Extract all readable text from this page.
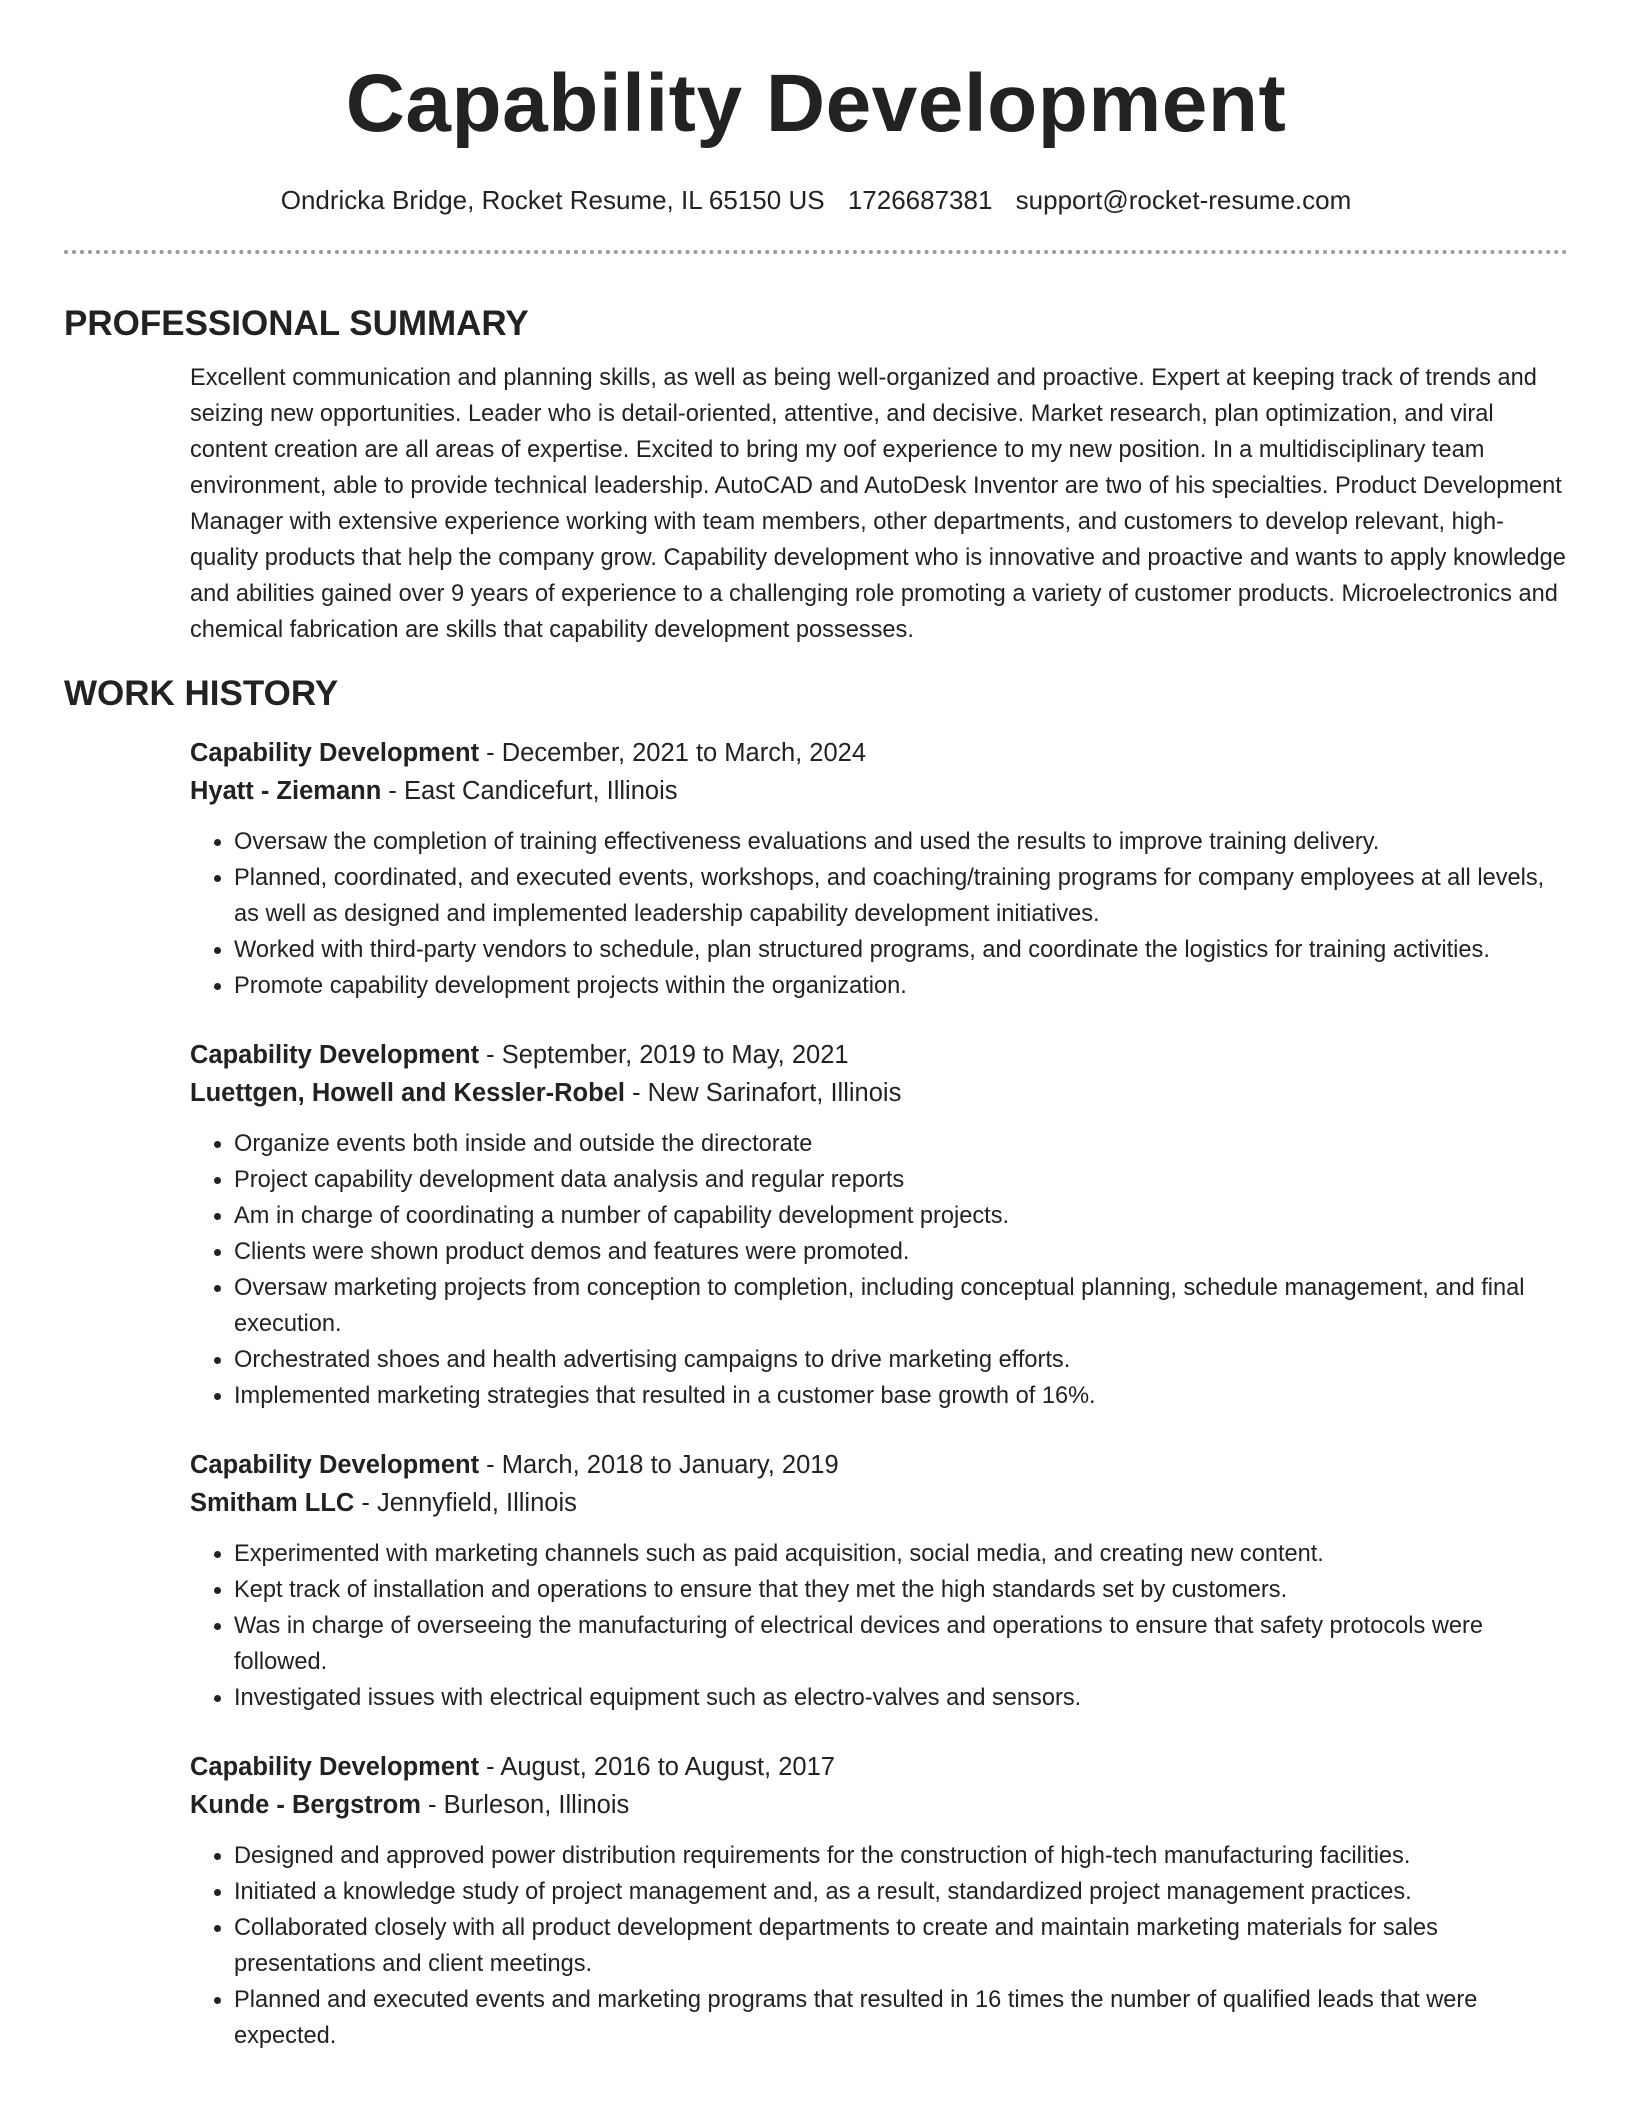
Capability Development
Ondricka Bridge, Rocket Resume, IL 65150 US 1726687381 support@rocket-resume.com
PROFESSIONAL SUMMARY

Excellent communication and planning skills, as well as being well-organized and proactive. Expert at keeping track of trends and seizing new opportunities. Leader who is detail-oriented, attentive, and decisive. Market research, plan optimization, and viral content creation are all areas of expertise. Excited to bring my oof experience to my new position. In a multidisciplinary team environment, able to provide technical leadership. AutoCAD and AutoDesk Inventor are two of his specialties. Product Development Manager with extensive experience working with team members, other departments, and customers to develop relevant, high-quality products that help the company grow. Capability development who is innovative and proactive and wants to apply knowledge and abilities gained over 9 years of experience to a challenging role promoting a variety of customer products. Microelectronics and chemical fabrication are skills that capability development possesses.

WORK HISTORY
Capability Development - December, 2021 to March, 2024
Hyatt - Ziemann - East Candicefurt, Illinois
• Oversaw the completion of training effectiveness evaluations and used the results to improve training delivery.
• Planned, coordinated, and executed events, workshops, and coaching/training programs for company employees at all levels, as well as designed and implemented leadership capability development initiatives.
• Worked with third-party vendors to schedule, plan structured programs, and coordinate the logistics for training activities.
• Promote capability development projects within the organization.
Capability Development - September, 2019 to May, 2021
Luettgen, Howell and Kessler-Robel - New Sarinafort, Illinois
• Organize events both inside and outside the directorate
• Project capability development data analysis and regular reports
• Am in charge of coordinating a number of capability development projects.
• Clients were shown product demos and features were promoted.
• Oversaw marketing projects from conception to completion, including conceptual planning, schedule management, and final execution.
• Orchestrated shoes and health advertising campaigns to drive marketing efforts.
• Implemented marketing strategies that resulted in a customer base growth of 16%.
Capability Development - March, 2018 to January, 2019
Smitham LLC - Jennyfield, Illinois
• Experimented with marketing channels such as paid acquisition, social media, and creating new content.
• Kept track of installation and operations to ensure that they met the high standards set by customers.
• Was in charge of overseeing the manufacturing of electrical devices and operations to ensure that safety protocols were followed.
• Investigated issues with electrical equipment such as electro-valves and sensors.
Capability Development - August, 2016 to August, 2017
Kunde - Bergstrom - Burleson, Illinois
• Designed and approved power distribution requirements for the construction of high-tech manufacturing facilities.
• Initiated a knowledge study of project management and, as a result, standardized project management practices.
• Collaborated closely with all product development departments to create and maintain marketing materials for sales presentations and client meetings.
• Planned and executed events and marketing programs that resulted in 16 times the number of qualified leads that were expected.
